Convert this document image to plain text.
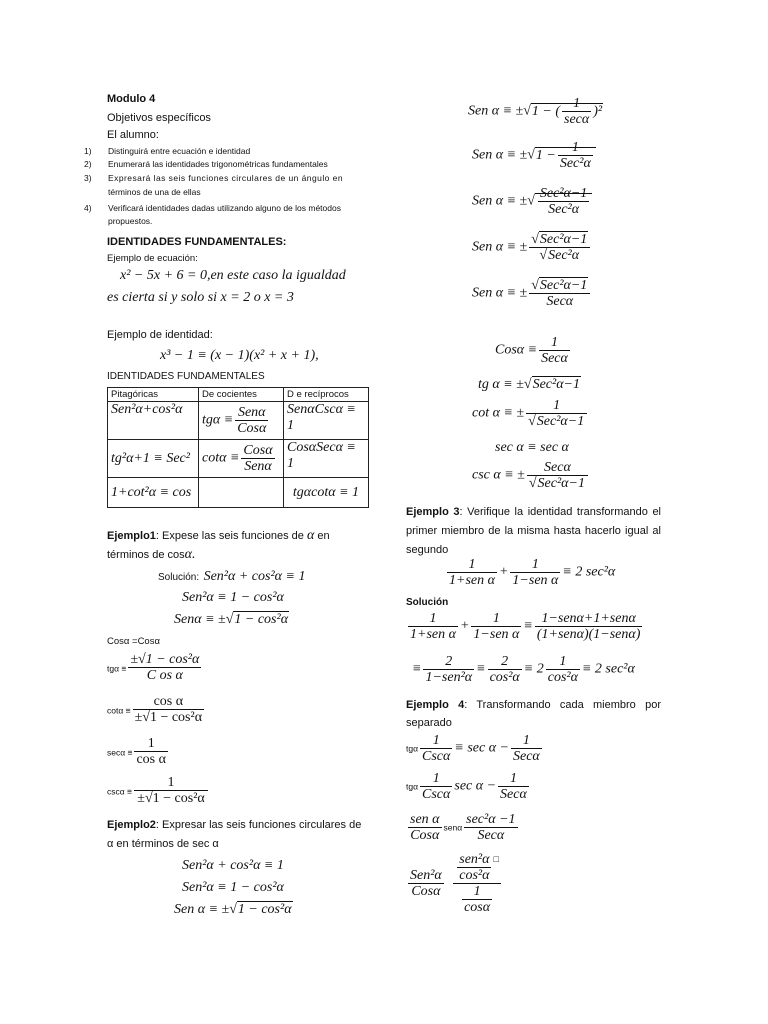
Modulo 4
Objetivos específicos
El alumno:
1) Distinguirá entre ecuación e identidad
2) Enumerará las identidades trigonométricas fundamentales
3) Expresará las seis funciones circulares de un ángulo en
términos de una de ellas
4) Verificará identidades dadas utilizando alguno de los métodos
propuestos.
IDENTIDADES FUNDAMENTALES:
Ejemplo de ecuación:
x² − 5x + 6 = 0,en este caso la igualdad
es cierta si y solo si x = 2 o x = 3
Ejemplo de identidad:
x³ − 1 ≡ (x − 1)(x² + x + 1),
IDENTIDADES FUNDAMENTALES
Pitagóricas	De cocientes	D e recíprocos
Sen²α+cos²α	tgα ≡
Senα
Cosα	SenαCscα ≡ 1
tg²α+1 ≡ Sec²	cotα ≡
Cosα
Senα	CosαSecα ≡ 1
1+cot²α ≡ cos		tgαcotα ≡ 1
Ejemplo1: Expese las seis funciones de α en
términos de cosα.
Solución: Sen²α + cos²α ≡ 1
Sen²α ≡ 1 − cos²α
Senα ≡ ±√1 − cos²α
Cosα =Cosα
$tg\alpha \equiv \frac{\text{±√1 − cos²α}}{\text{C os α}}$
$\cot\alpha \equiv \frac{\text{cos α}}{\text{±√1 − cos²α}}$
$\sec\alpha \equiv \frac{1}{\text{cos α}}$
$\csc\alpha \equiv \frac{1}{\text{±√1 − cos²α}}$
Ejemplo2: Expresar las seis funciones circulares de
α en términos de sec α
Sen²α + cos²α ≡ 1
Sen²α ≡ 1 − cos²α
Sen α ≡ ±√1 − cos²α
Sen α ≡ ±√1 − (
1
secα
)²
Sen α ≡ ±√1 −
1
Sec²α
Sen α ≡ ±√
Sec²α−1
Sec²α
Sen α ≡ ±
√Sec²α−1
√Sec²α
Sen α ≡ ±
√Sec²α−1
Secα
Cosα ≡
1
Secα
tg α ≡ ±√Sec²α−1
cot α ≡ ±
1
√Sec²α−1
sec α ≡ sec α
csc α ≡ ±
Secα
√Sec²α−1
Ejemplo 3: Verifique la identidad transformando el primer miembro de la misma hasta hacerlo igual al segundo
1
1+sen α
+
1
1−sen α
≡ 2 sec²α
Solución
1
1+sen α
+
1
1−sen α
≡
1−senα+1+senα
(1+senα)(1−senα)
≡
2
1−sen²α
≡ $\frac{2}{\text{cos²α}} \equiv 2 \frac{1}{\text{cos²α}} \equiv 2$ sec²α
Ejemplo 4: Transformando cada miembro por separado
tgα
1
Cscα
≡ sec α −
1
Secα
tgα
1
Cscα
sec α −
1
Secα
sen α
Cosα
senα
sec²α −1
Secα
Sen²α
Cosα

sen²α
cos²α
□
$\frac{1}{\cos\alpha}$
